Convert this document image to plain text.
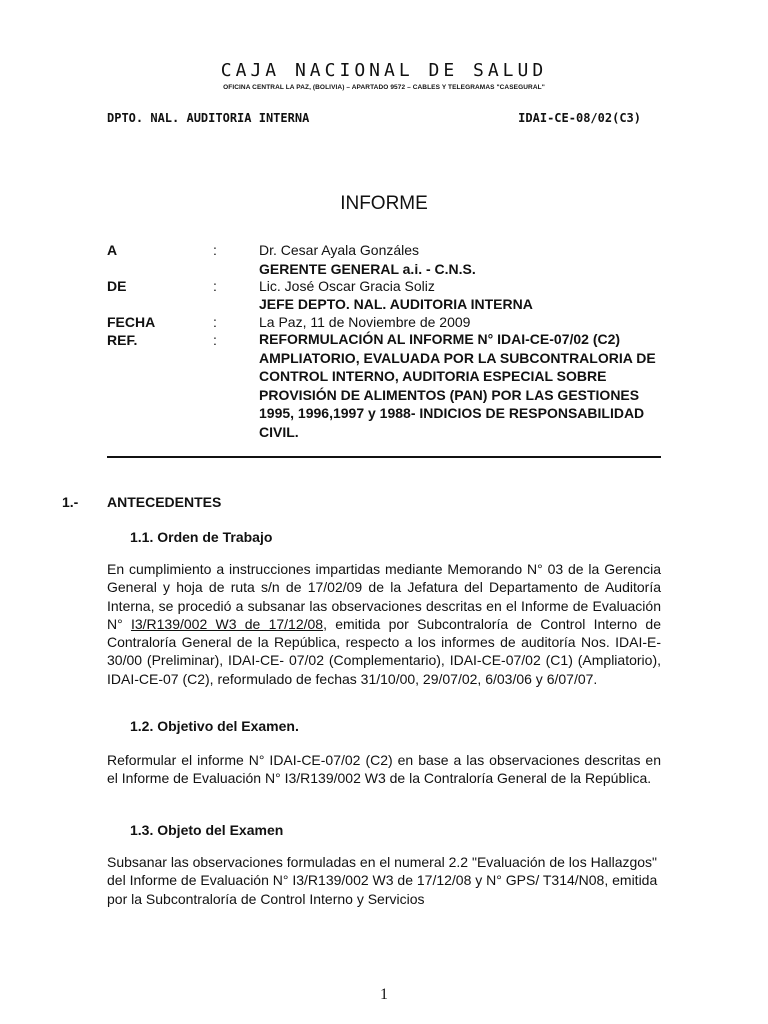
CAJA NACIONAL DE SALUD
OFICINA CENTRAL LA PAZ, (BOLIVIA) – APARTADO 9572 – CABLES Y TELEGRAMAS "CASEGURAL"
DPTO. NAL. AUDITORIA INTERNA	IDAI-CE-08/02(C3)
INFORME
A	:	Dr. Cesar Ayala Gonzáles
GERENTE GENERAL a.i. - C.N.S.
DE	:	Lic. José Oscar Gracia Soliz
JEFE DEPTO. NAL. AUDITORIA INTERNA
FECHA	:	La Paz, 11 de Noviembre de 2009
REF.	:	REFORMULACIÓN AL INFORME N° IDAI-CE-07/02 (C2) AMPLIATORIO, EVALUADA POR LA SUBCONTRALORIA DE CONTROL INTERNO, AUDITORIA ESPECIAL SOBRE PROVISIÓN DE ALIMENTOS (PAN) POR LAS GESTIONES 1995, 1996,1997 y 1988- INDICIOS DE RESPONSABILIDAD CIVIL.
1.- ANTECEDENTES
1.1. Orden de Trabajo

En cumplimiento a instrucciones impartidas mediante Memorando N° 03 de la Gerencia General y hoja de ruta s/n de 17/02/09 de la Jefatura del Departamento de Auditoría Interna, se procedió a subsanar las observaciones descritas en el Informe de Evaluación N° I3/R139/002 W3 de 17/12/08, emitida por Subcontraloría de Control Interno de Contraloría General de la República, respecto a los informes de auditoría Nos. IDAI-E-30/00 (Preliminar), IDAI-CE- 07/02 (Complementario), IDAI-CE-07/02 (C1) (Ampliatorio), IDAI-CE-07 (C2), reformulado de fechas 31/10/00, 29/07/02, 6/03/06 y 6/07/07.

1.2. Objetivo del Examen.

Reformular el informe N° IDAI-CE-07/02 (C2) en base a las observaciones descritas en el Informe de Evaluación N° I3/R139/002 W3 de la Contraloría General de la República.

1.3. Objeto del Examen

Subsanar las observaciones formuladas en el numeral 2.2 "Evaluación de los Hallazgos" del Informe de Evaluación N° I3/R139/002 W3 de 17/12/08 y N° GPS/ T314/N08, emitida por la Subcontraloría de Control Interno y Servicios

1
